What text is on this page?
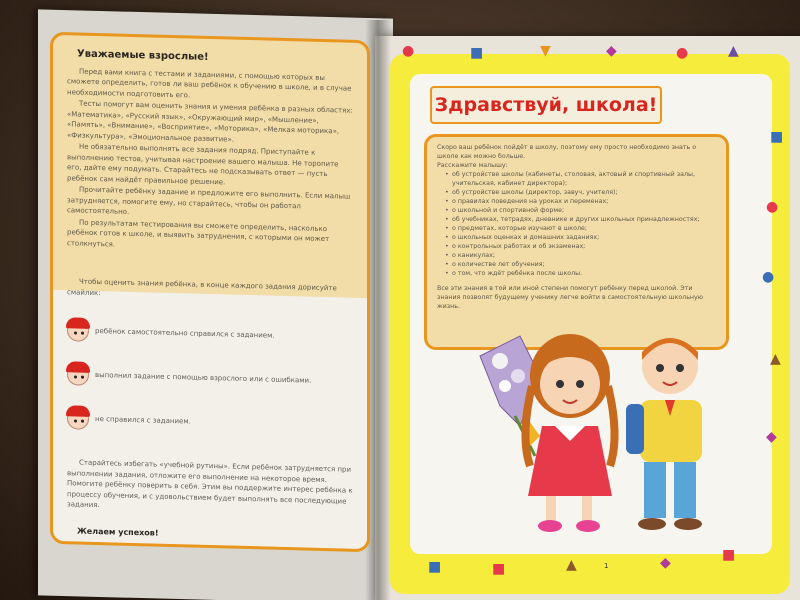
Уважаемые взрослые!

Перед вами книга с тестами и заданиями, с помощью которых вы сможете определить, готов ли ваш ребёнок к обучению в школе, и в случае необходимости подготовить его.

Тесты помогут вам оценить знания и умения ребёнка в разных областях: «Математика», «Русский язык», «Окружающий мир», «Мышление», «Память», «Внимание», «Восприятие», «Моторика», «Мелкая моторика», «Физкультура», «Эмоциональное развитие».

Не обязательно выполнять все задания подряд. Приступайте к выполнению тестов, учитывая настроение вашего малыша. Не торопите его, дайте ему подумать. Старайтесь не подсказывать ответ — пусть ребёнок сам найдёт правильное решение.

Прочитайте ребёнку задание и предложите его выполнить. Если малыш затрудняется, помогите ему, но старайтесь, чтобы он работал самостоятельно.

По результатам тестирования вы сможете определить, насколько ребёнок готов к школе, и выявить затруднения, с которыми он может столкнуться.

Чтобы оценить знания ребёнка, в конце каждого задания дорисуйте смайлик:

ребёнок самостоятельно справился с заданием.
выполнил задание с помощью взрослого или с ошибками.
не справился с заданием.

Старайтесь избегать «учебной рутины». Если ребёнок затрудняется при выполнении задания, отложите его выполнение на некоторое время. Помогите ребёнку поверить в себя. Этим вы поддержите интерес ребёнка к процессу обучения, и с удовольствием будет выполнять все последующие задания.

Желаем успехов!
Здравствуй, школа!

Скоро ваш ребёнок пойдёт в школу, поэтому ему просто необходимо знать о школе как можно больше.

Расскажите малышу:

• об устройстве школы (кабинеты, столовая, актовый и спортивный залы, учительская, кабинет директора);
• об устройстве школы (директор, завуч, учителя);
• о правилах поведения на уроках и переменах;
• о школьной и спортивной форме;
• об учебниках, тетрадях, дневнике и других школьных принадлежностях;
• о предметах, которые изучают в школе;
• о школьных оценках и домашних заданиях;
• о контрольных работах и об экзаменах;
• о каникулах;
• о количестве лет обучения;
• о том, что ждёт ребёнка после школы.

Все эти знания в той или иной степени помогут ребёнку перед школой. Эти знания позволят будущему ученику легче войти в самостоятельную школьную жизнь.

1
●	■	▼	◆	●	▲
■
●
●
▲
◆
■	■	▲	◆	■
